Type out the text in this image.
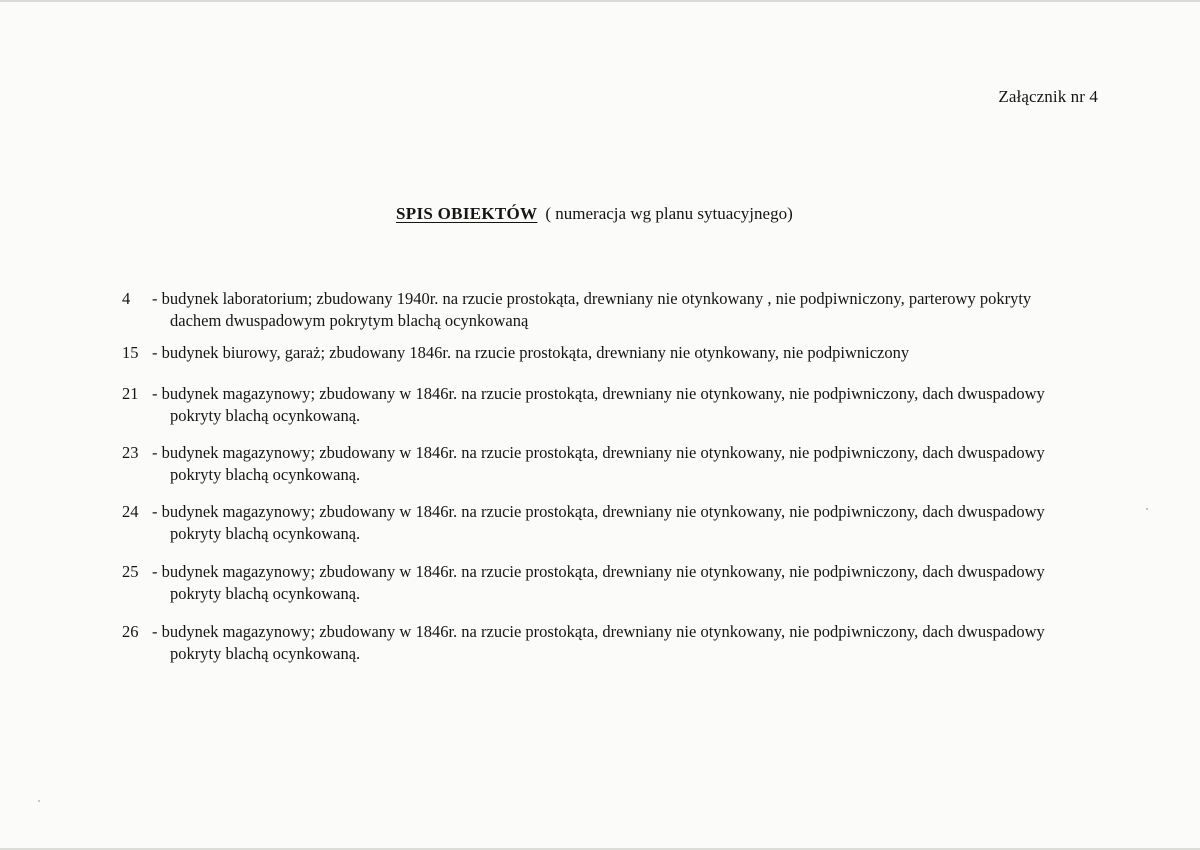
Załącznik nr 4
SPIS OBIEKTÓW ( numeracja wg planu sytuacyjnego)
4 - budynek laboratorium; zbudowany 1940r. na rzucie prostokąta, drewniany nie otynkowany , nie podpiwniczony, parterowy pokryty
dachem dwuspadowym pokrytym blachą ocynkowaną
15 - budynek biurowy, garaż; zbudowany 1846r. na rzucie prostokąta, drewniany nie otynkowany, nie podpiwniczony
21 - budynek magazynowy; zbudowany w 1846r. na rzucie prostokąta, drewniany nie otynkowany, nie podpiwniczony, dach dwuspadowy
pokryty blachą ocynkowaną.
23 - budynek magazynowy; zbudowany w 1846r. na rzucie prostokąta, drewniany nie otynkowany, nie podpiwniczony, dach dwuspadowy
pokryty blachą ocynkowaną.
24 - budynek magazynowy; zbudowany w 1846r. na rzucie prostokąta, drewniany nie otynkowany, nie podpiwniczony, dach dwuspadowy
pokryty blachą ocynkowaną.
25 - budynek magazynowy; zbudowany w 1846r. na rzucie prostokąta, drewniany nie otynkowany, nie podpiwniczony, dach dwuspadowy
pokryty blachą ocynkowaną.
26 - budynek magazynowy; zbudowany w 1846r. na rzucie prostokąta, drewniany nie otynkowany, nie podpiwniczony, dach dwuspadowy
pokryty blachą ocynkowaną.
